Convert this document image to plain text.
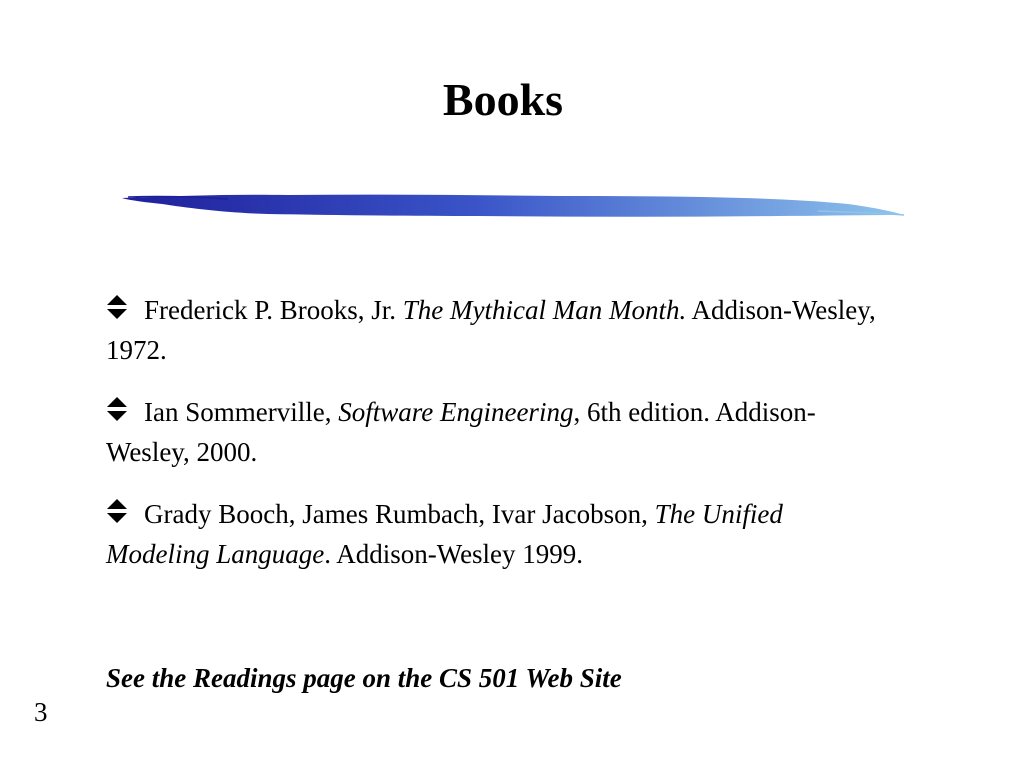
Books
Frederick P. Brooks, Jr. The Mythical Man Month. Addison-Wesley, 1972.
Ian Sommerville, Software Engineering, 6th edition. Addison-Wesley, 2000.
Grady Booch, James Rumbach, Ivar Jacobson, The Unified Modeling Language. Addison-Wesley 1999.
See the Readings page on the CS 501 Web Site
3
